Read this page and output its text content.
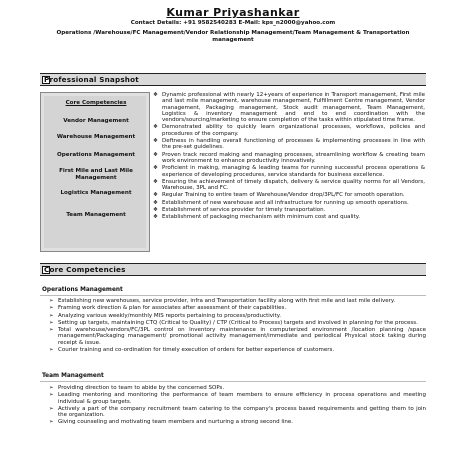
Kumar Priyashankar
Contact Details: +91 9582540283 E-Mail: kps_n2000@yahoo.com
Operations /Warehouse/FC Management/Vendor Relationship Management/Team Management & Transportation management
Professional Snapshot
Core Competencies
Vendor Management
Warehouse Management
Operations Management
First Mile and Last Mile Management
Logistics Management
Team Management
❖ Dynamic professional with nearly 12+years of experience in Transport management, First mile and last mile management, warehouse management, Fulfillment Centre management, Vendor management, Packaging management, Stock audit management, Team Management, Logistics & inventory management and end to end coordination with the vendors/sourcing/marketing to ensure completion of the tasks within stipulated time frame.
❖ Demonstrated ability to quickly learn organizational processes, workflows, policies and procedures of the company.
❖ Deftness in handling overall functioning of processes & implementing processes in line with the pre-set guidelines.
❖ Proven track record making and managing processes, streamlining workflow & creating team work environment to enhance productivity innovatively.
❖ Proficient in making, managing & leading teams for running successful process operations & experience of developing procedures, service standards for business excellence.
❖ Ensuring the achievement of timely dispatch, delivery & service quality norms for all Vendors, Warehouse, 3PL and FC.
❖ Regular Training to entire team of Warehouse/Vendor drop/3PL/FC for smooth operation.
❖ Establishment of new warehouse and all infrastructure for running up smooth operations.
❖ Establishment of service provider for timely transportation.
❖ Establishment of packaging mechanism with minimum cost and quality.
Core Competencies
Operations Management
➢ Establishing new warehouses, service provider, infra and Transportation facility along with first mile and last mile delivery.
➢ Framing work direction & plan for associates after assessment of their capabilities.
➢ Analyzing various weekly/monthly MIS reports pertaining to process/productivity.
➢ Setting up targets, maintaining CTQ (Critical to Quality) / CTP (Critical to Process) targets and involved in planning for the process.
➢ Total warehouse/vendors/FC/3PL control on Inventory maintenance in computerized environment /location planning /space management/Packaging management/ promotional activity management/immediate and periodical Physical stock taking during receipt & issue.
➢ Courier training and co-ordination for timely execution of orders for better experience of customers.
Team Management
➢ Providing direction to team to abide by the concerned SOPs.
➢ Leading mentoring and monitoring the performance of team members to ensure efficiency in process operations and meeting individual & group targets.
➢ Actively a part of the company recruitment team catering to the company's process based requirements and getting them to join the organization.
➢ Giving counseling and motivating team members and nurturing a strong second line.
